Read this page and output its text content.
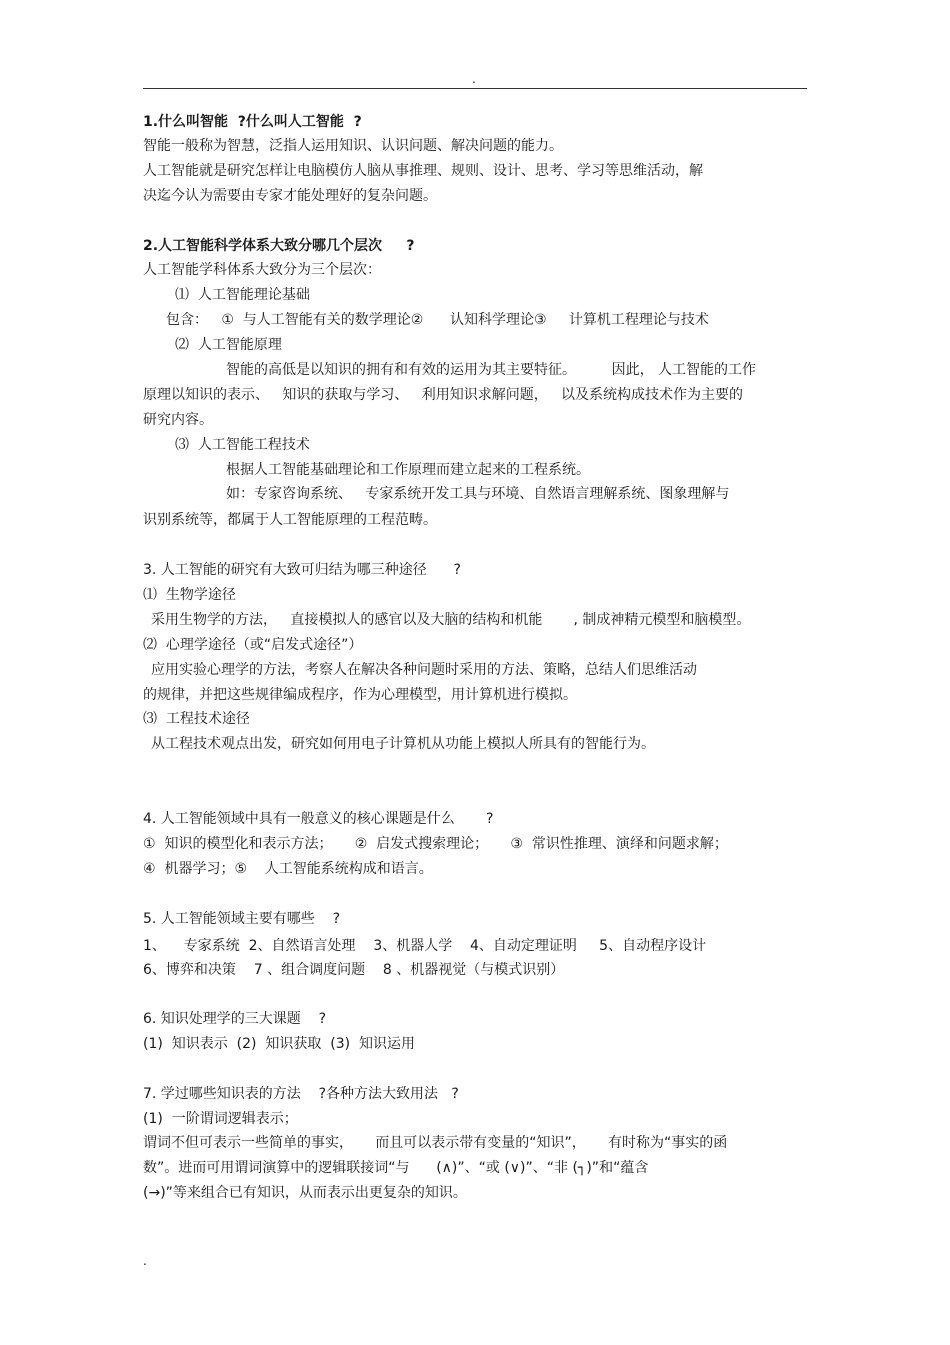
.
1.什么叫智能  ?什么叫人工智能  ?
智能一般称为智慧，泛指人运用知识、认识问题、解决问题的能力。
人工智能就是研究怎样让电脑模仿人脑从事推理、规则、设计、思考、学习等思维活动，解
决迄今认为需要由专家才能处理好的复杂问题。
2.人工智能科学体系大致分哪几个层次     ?
人工智能学科体系大致分为三个层次：
⑴  人工智能理论基础
包含：   ①  与人工智能有关的数学理论②      认知科学理论③     计算机工程理论与技术
⑵  人工智能原理
智能的高低是以知识的拥有和有效的运用为其主要特征。        因此， 人工智能的工作
原理以知识的表示、   知识的获取与学习、   利用知识求解问题，   以及系统构成技术作为主要的
研究内容。
⑶  人工智能工程技术
根据人工智能基础理论和工作原理而建立起来的工程系统。
如：专家咨询系统、   专家系统开发工具与环境、自然语言理解系统、图象理解与
识别系统等，都属于人工智能原理的工程范畴。
3. 人工智能的研究有大致可归结为哪三种途径      ?
⑴  生物学途径
采用生物学的方法，   直接模拟人的感官以及大脑的结构和机能       , 制成神精元模型和脑模型。
⑵  心理学途径（或“启发式途径”）
应用实验心理学的方法，考察人在解决各种问题时采用的方法、策略，总结人们思维活动
的规律，并把这些规律编成程序，作为心理模型，用计算机进行模拟。
⑶  工程技术途径
从工程技术观点出发，研究如何用电子计算机从功能上模拟人所具有的智能行为。
4. 人工智能领域中具有一般意义的核心课题是什么       ?
①  知识的模型化和表示方法；     ②  启发式搜索理论；     ③  常识性推理、演绎和问题求解；
④  机器学习；⑤    人工智能系统构成和语言。
5. 人工智能领域主要有哪些    ?
1、    专家系统  2、自然语言处理    3、机器人学    4、自动定理证明     5、自动程序设计
6、博弈和决策    7 、组合调度问题    8 、机器视觉（与模式识别）
6. 知识处理学的三大课题    ?
(1)  知识表示  (2)  知识获取  (3)  知识运用
7. 学过哪些知识表的方法    ?各种方法大致用法   ?
(1)  一阶谓词逻辑表示；
谓词不但可表示一些简单的事实，     而且可以表示带有变量的“知识”，     有时称为“事实的函
数”。进而可用谓词演算中的逻辑联接词“与      (∧)”、“或 (∨)”、“非 (┐)”和“蕴含
(→)”等来组合已有知识，从而表示出更复杂的知识。
.
